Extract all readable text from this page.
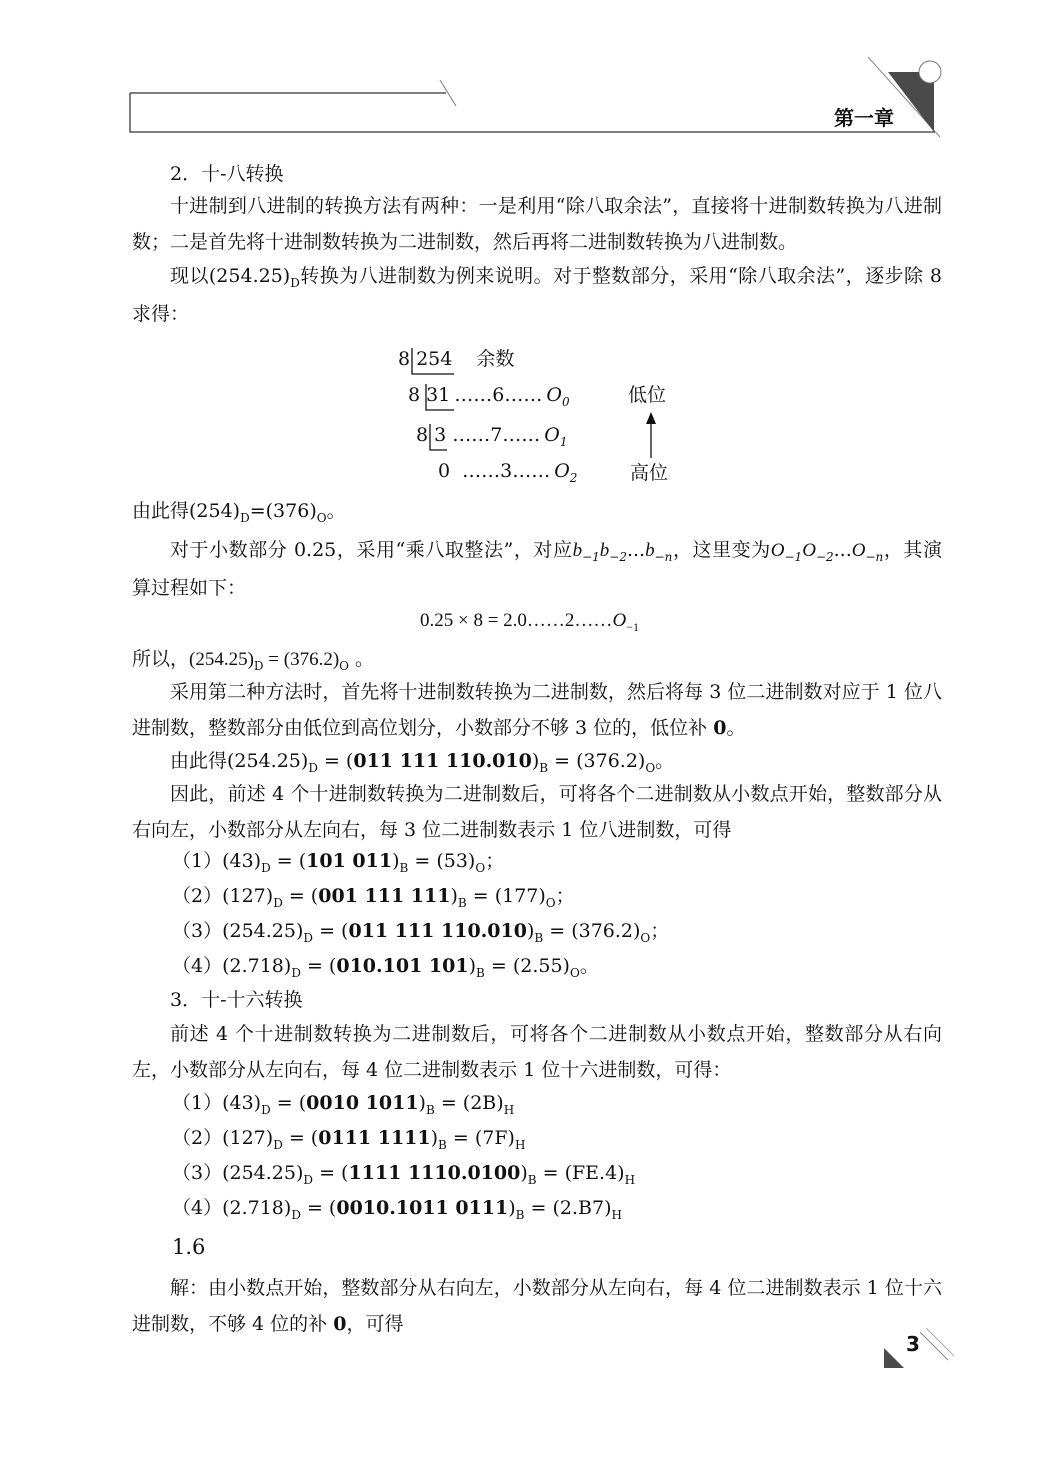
第一章
2．十-八转换
十进制到八进制的转换方法有两种：一是利用“除八取余法”，直接将十进制数转换为八进制数；二是首先将十进制数转换为二进制数，然后再将二进制数转换为八进制数。
现以$(254.25)_D$转换为八进制数为例来说明。对于整数部分，采用“除八取余法”，逐步除 8 求得：
8 254 余数
8 31 ……6…… $O_0$	低位
8 3 ……7…… $O_1$
0 ……3…… $O_2$	高位
由此得$(254)_D=(376)_O$。
对于小数部分 0.25，采用“乘八取整法”，对应$b_{-1}b_{-2}...b_{-n}$，这里变为$O_{-1}O_{-2}...O_{-n}$，其演算过程如下：
$0.25 \times 8 = 2.0\dots\dots 2\dots\dots O_{-1}$
所以，$(254.25)_D = (376.2)_O$ 。
采用第二种方法时，首先将十进制数转换为二进制数，然后将每 3 位二进制数对应于 1 位八进制数，整数部分由低位到高位划分，小数部分不够 3 位的，低位补 0。
由此得$(254.25)_D = (011$ 111 $110.010)_B = (376.2)_O$。
因此，前述 4 个十进制数转换为二进制数后，可将各个二进制数从小数点开始，整数部分从右向左，小数部分从左向右，每 3 位二进制数表示 1 位八进制数，可得
$(1)(43)_D = (101$ $011)_B = (53)_O$；
$(2)(127)_D = (001$ 111 $111)_B = (177)_O$；
$(3)(254.25)_D = (011$ 111 $110.010)_B = (376.2)_O$；
$(4)(2.718)_D = (010.101$ $101)_B = (2.55)_O$。
3．十-十六转换
前述 4 个十进制数转换为二进制数后，可将各个二进制数从小数点开始，整数部分从右向左，小数部分从左向右，每 4 位二进制数表示 1 位十六进制数，可得：
$(1)(43)_D = (0010$ $1011)_B = (2B)_H$
$(2)(127)_D = (0111$ $1111)_B = (7F)_H$
$(3)(254.25)_D = (1111$ $1110.0100)_B = (FE.4)_H$
$(4)(2.718)_D = (0010.1011$ $0111)_B = (2.B7)_H$
1.6
解：由小数点开始，整数部分从右向左，小数部分从左向右，每 4 位二进制数表示 1 位十六进制数，不够 4 位的补 0，可得
3
